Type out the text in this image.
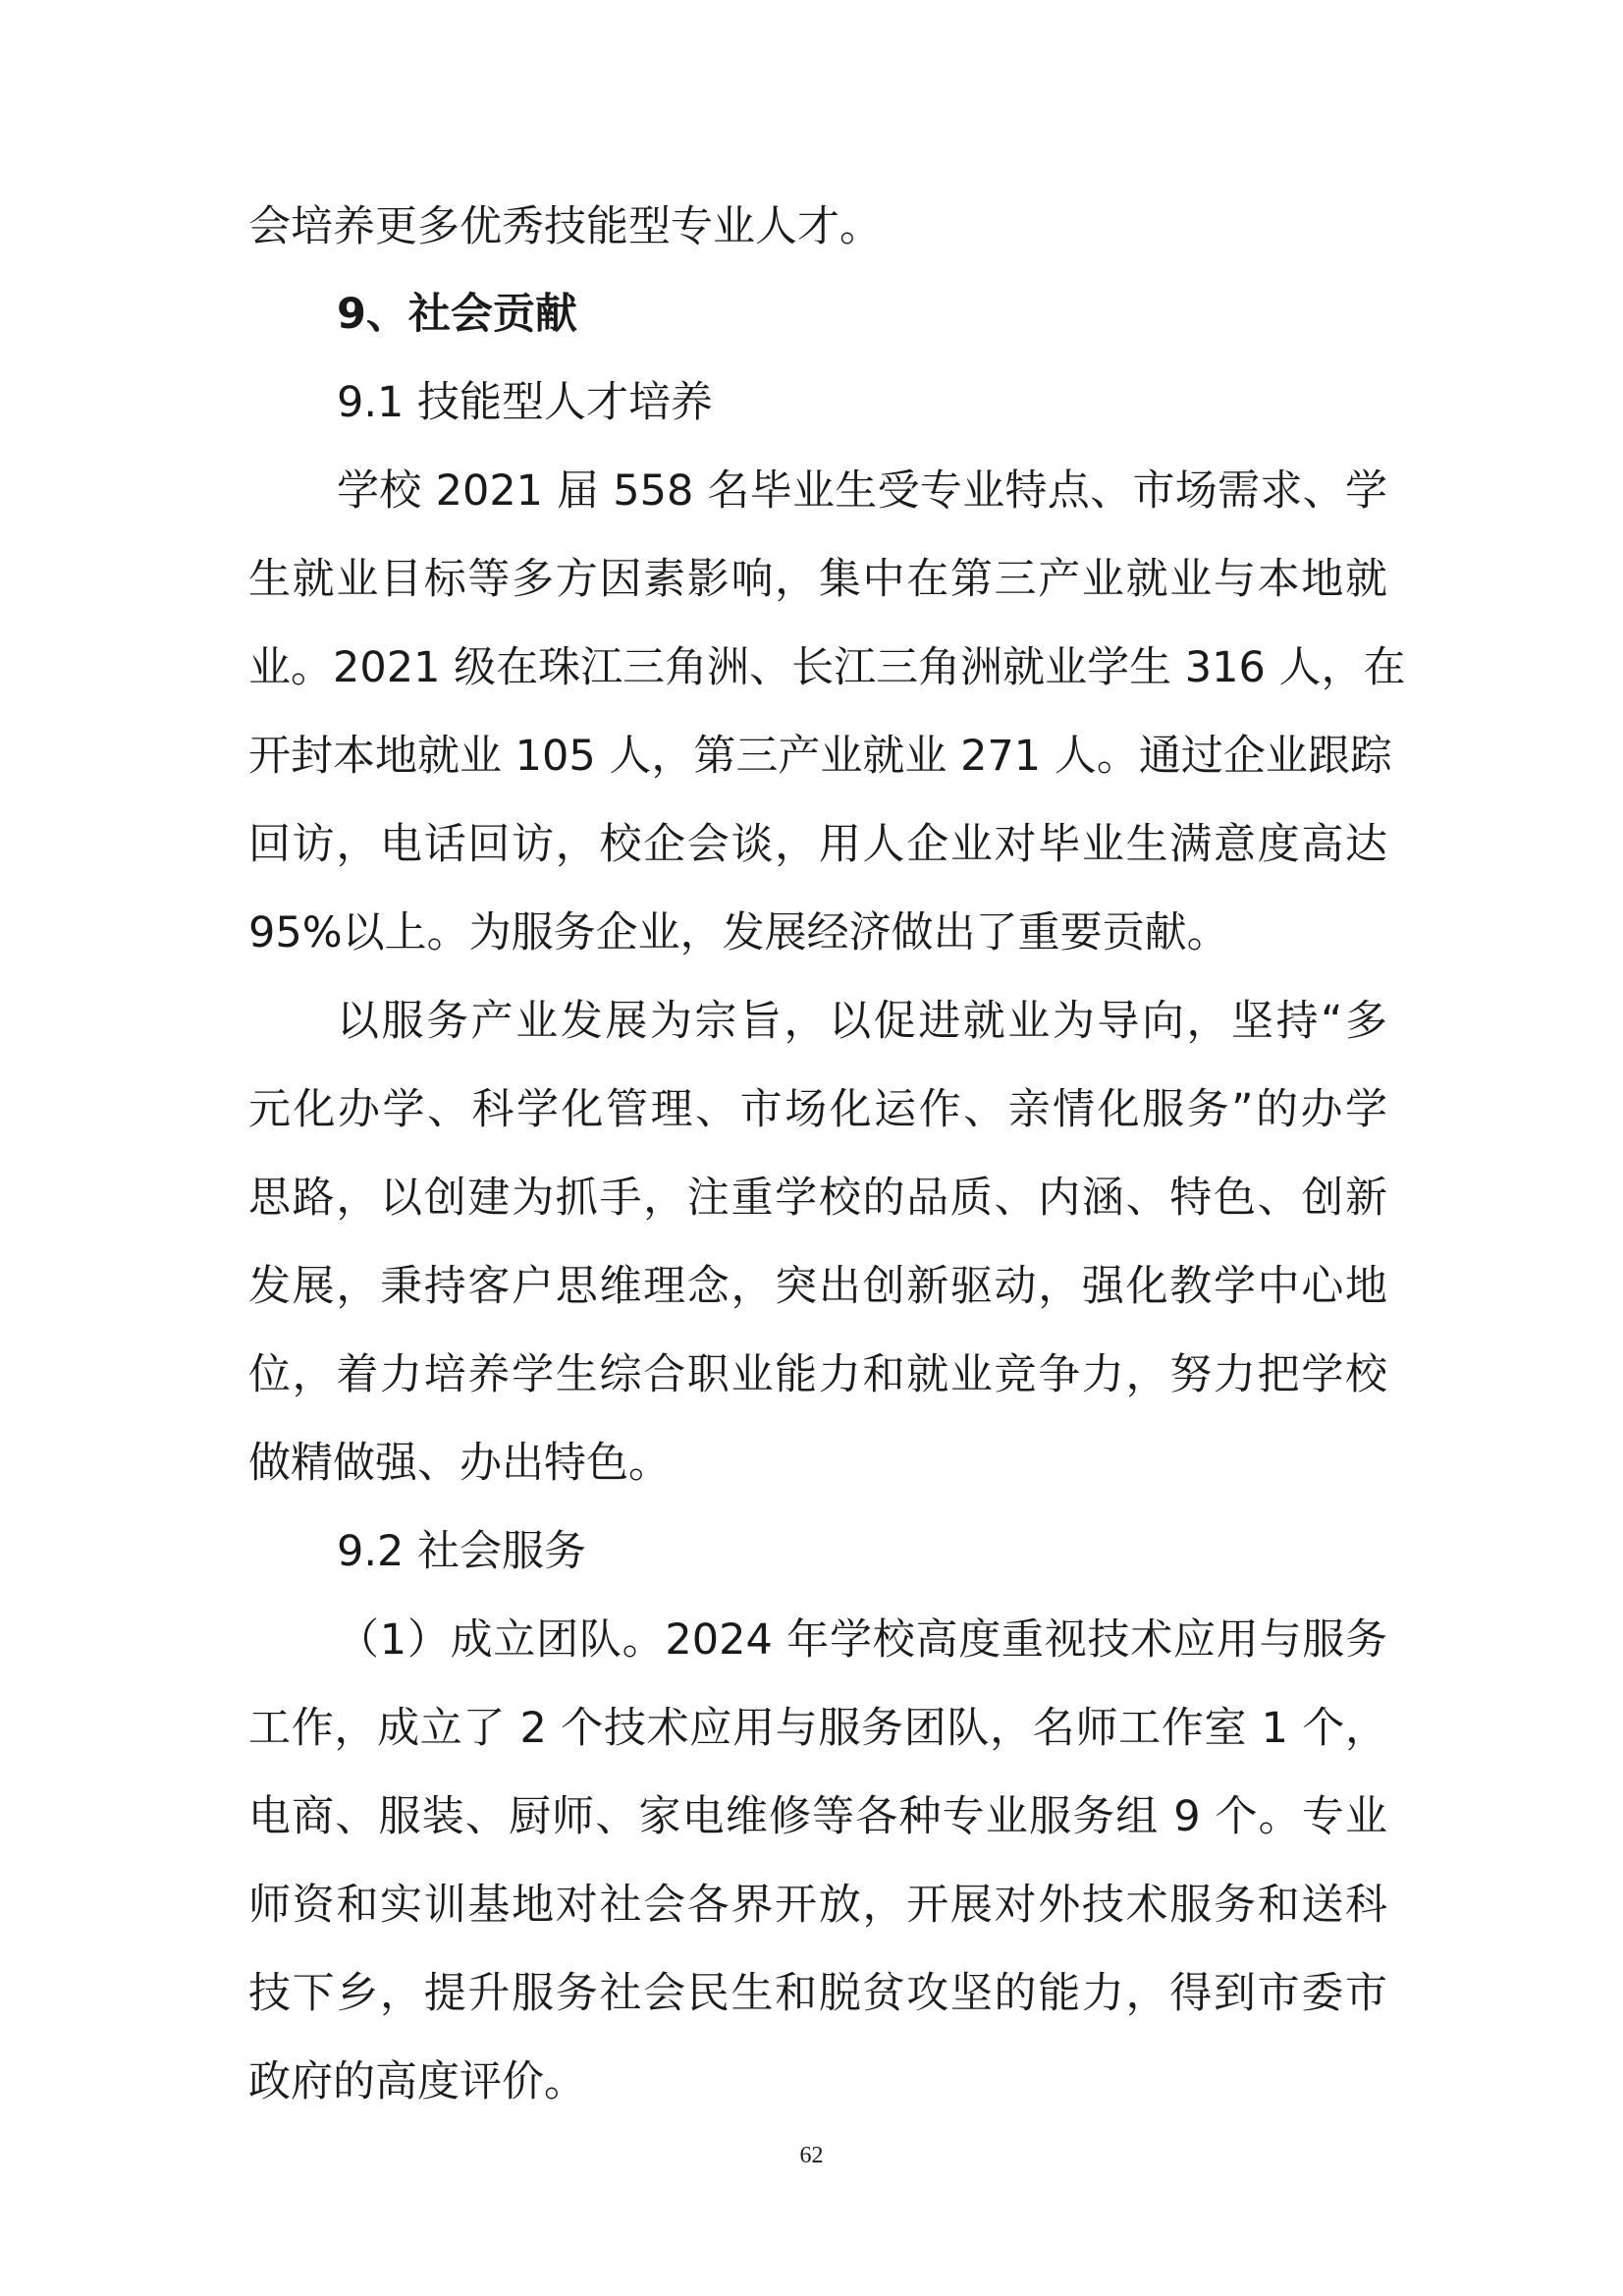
会培养更多优秀技能型专业人才。
9、社会贡献
9.1 技能型人才培养
学校 2021 届 558 名毕业生受专业特点、市场需求、学
生就业目标等多方因素影响，集中在第三产业就业与本地就
业。2021 级在珠江三角洲、长江三角洲就业学生 316 人，在
开封本地就业 105 人，第三产业就业 271 人。通过企业跟踪
回访，电话回访，校企会谈，用人企业对毕业生满意度高达
95%以上。为服务企业，发展经济做出了重要贡献。
以服务产业发展为宗旨，以促进就业为导向，坚持“多
元化办学、科学化管理、市场化运作、亲情化服务”的办学
思路，以创建为抓手，注重学校的品质、内涵、特色、创新
发展，秉持客户思维理念，突出创新驱动，强化教学中心地
位，着力培养学生综合职业能力和就业竞争力，努力把学校
做精做强、办出特色。
9.2 社会服务
（1）成立团队。2024 年学校高度重视技术应用与服务
工作，成立了 2 个技术应用与服务团队，名师工作室 1 个，
电商、服装、厨师、家电维修等各种专业服务组 9 个。专业
师资和实训基地对社会各界开放，开展对外技术服务和送科
技下乡，提升服务社会民生和脱贫攻坚的能力，得到市委市
政府的高度评价。
62
